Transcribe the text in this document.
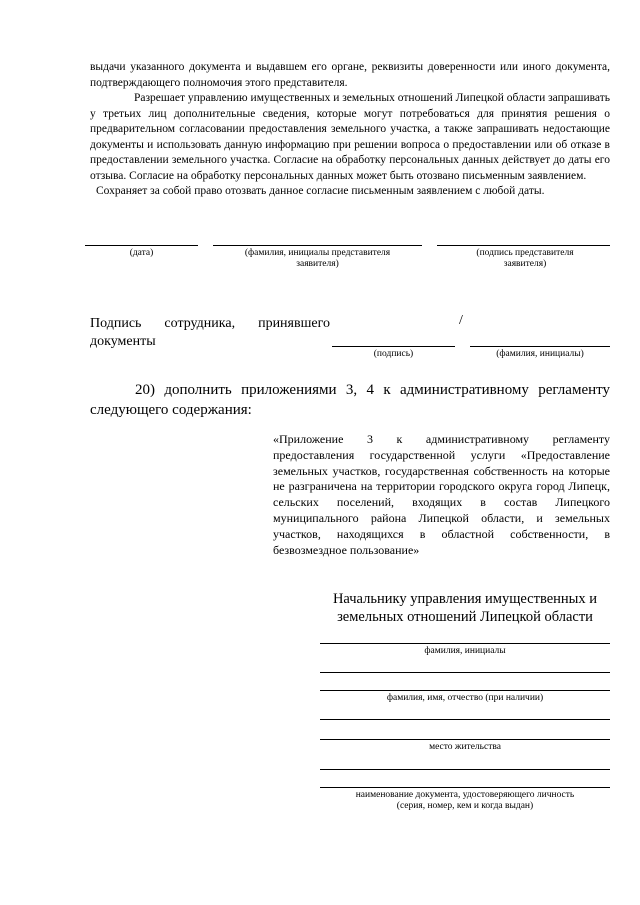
выдачи указанного документа и выдавшем его органе, реквизиты доверенности или иного документа, подтверждающего полномочия этого представителя.

Разрешает управлению имущественных и земельных отношений Липецкой области запрашивать у третьих лиц дополнительные сведения, которые могут потребоваться для принятия решения о предварительном согласовании предоставления земельного участка, а также запрашивать недостающие документы и использовать данную информацию при решении вопроса о предоставлении или об отказе в предоставлении земельного участка. Согласие на обработку персональных данных действует до даты его отзыва. Согласие на обработку персональных данных может быть отозвано письменным заявлением.

Сохраняет за собой право отозвать данное согласие письменным заявлением с любой даты.

(дата)	(фамилия, инициалы представителя заявителя)
(подпись представителя заявителя)
Подпись сотрудника, принявшего
документы
/
(подпись)	(фамилия, инициалы)

20) дополнить приложениями 3, 4 к административному регламенту следующего содержания:

«Приложение 3 к административному регламенту предоставления государственной услуги «Предоставление земельных участков, государственная собственность на которые не разграничена на территории городского округа город Липецк, сельских поселений, входящих в состав Липецкого муниципального района Липецкой области, и земельных участков, находящихся в областной собственности, в безвозмездное пользование»
Начальнику управления имущественных и земельных отношений Липецкой области
фамилия, инициалы
фамилия, имя, отчество (при наличии)
место жительства
наименование документа, удостоверяющего личность
(серия, номер, кем и когда выдан)
